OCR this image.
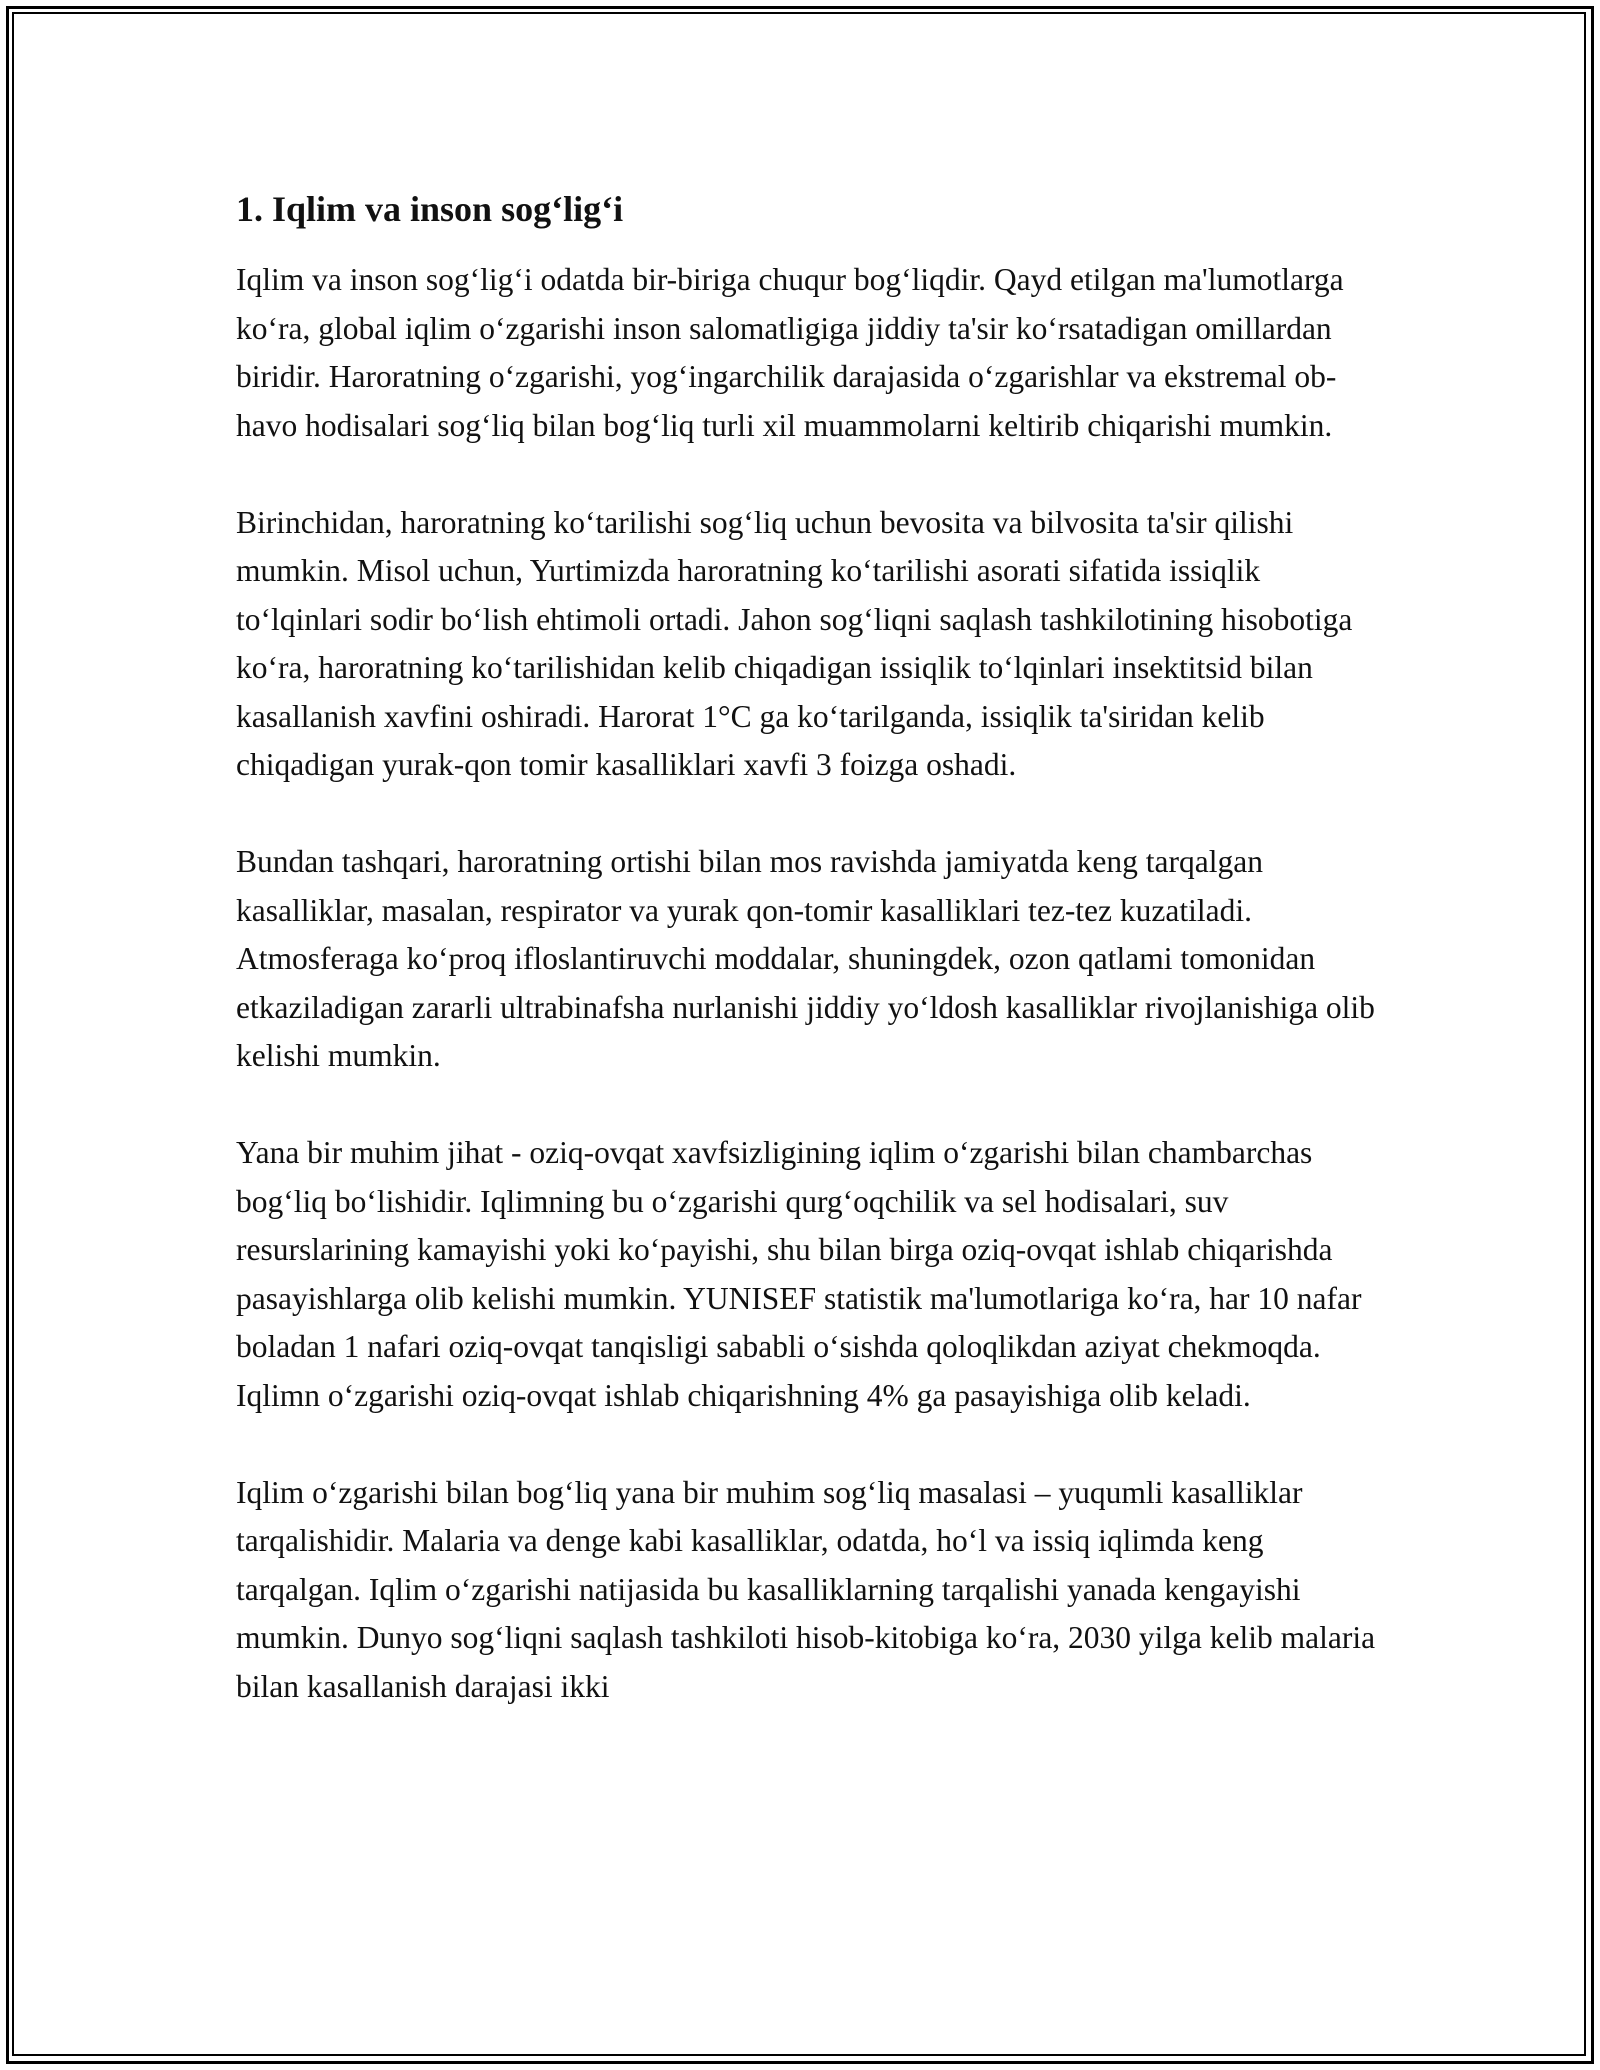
1. Iqlim va inson sog‘lig‘i

Iqlim va inson sog‘lig‘i odatda bir-biriga chuqur bog‘liqdir. Qayd etilgan ma'lumotlarga ko‘ra, global iqlim o‘zgarishi inson salomatligiga jiddiy ta'sir ko‘rsatadigan omillardan biridir. Haroratning o‘zgarishi, yog‘ingarchilik darajasida o‘zgarishlar va ekstremal ob-havo hodisalari sog‘liq bilan bog‘liq turli xil muammolarni keltirib chiqarishi mumkin.

Birinchidan, haroratning ko‘tarilishi sog‘liq uchun bevosita va bilvosita ta'sir qilishi mumkin. Misol uchun, Yurtimizda haroratning ko‘tarilishi asorati sifatida issiqlik to‘lqinlari sodir bo‘lish ehtimoli ortadi. Jahon sog‘liqni saqlash tashkilotining hisobotiga ko‘ra, haroratning ko‘tarilishidan kelib chiqadigan issiqlik to‘lqinlari insektitsid bilan kasallanish xavfini oshiradi. Harorat 1°C ga ko‘tarilganda, issiqlik ta'siridan kelib chiqadigan yurak-qon tomir kasalliklari xavfi 3 foizga oshadi.

Bundan tashqari, haroratning ortishi bilan mos ravishda jamiyatda keng tarqalgan kasalliklar, masalan, respirator va yurak qon-tomir kasalliklari tez-tez kuzatiladi. Atmosferaga ko‘proq ifloslantiruvchi moddalar, shuningdek, ozon qatlami tomonidan etkaziladigan zararli ultrabinafsha nurlanishi jiddiy yo‘ldosh kasalliklar rivojlanishiga olib kelishi mumkin.

Yana bir muhim jihat - oziq-ovqat xavfsizligining iqlim o‘zgarishi bilan chambarchas bog‘liq bo‘lishidir. Iqlimning bu o‘zgarishi qurg‘oqchilik va sel hodisalari, suv resurslarining kamayishi yoki ko‘payishi, shu bilan birga oziq-ovqat ishlab chiqarishda pasayishlarga olib kelishi mumkin. YUNISEF statistik ma'lumotlariga ko‘ra, har 10 nafar boladan 1 nafari oziq-ovqat tanqisligi sababli o‘sishda qoloqlikdan aziyat chekmoqda. Iqlimn o‘zgarishi oziq-ovqat ishlab chiqarishning 4% ga pasayishiga olib keladi.

Iqlim o‘zgarishi bilan bog‘liq yana bir muhim sog‘liq masalasi – yuqumli kasalliklar tarqalishidir. Malaria va denge kabi kasalliklar, odatda, ho‘l va issiq iqlimda keng tarqalgan. Iqlim o‘zgarishi natijasida bu kasalliklarning tarqalishi yanada kengayishi mumkin. Dunyo sog‘liqni saqlash tashkiloti hisob-kitobiga ko‘ra, 2030 yilga kelib malaria bilan kasallanish darajasi ikki
